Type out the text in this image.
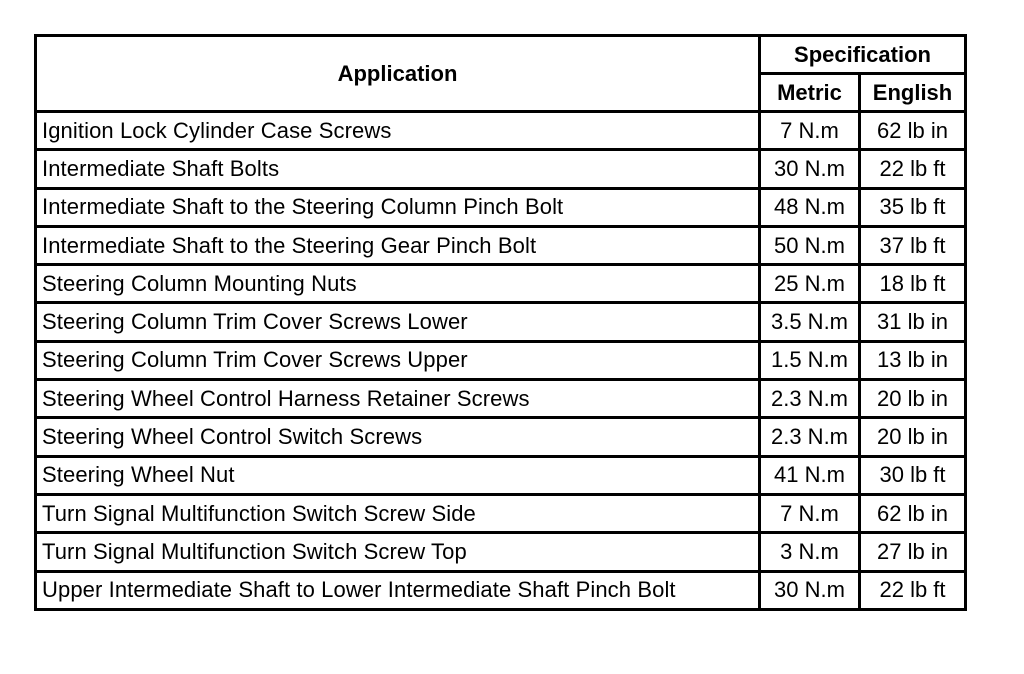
Application	Specification	
	Metric	English
Ignition Lock Cylinder Case Screws	7 N.m	62 lb in
Intermediate Shaft Bolts	30 N.m	22 lb ft
Intermediate Shaft to the Steering Column Pinch Bolt	48 N.m	35 lb ft
Intermediate Shaft to the Steering Gear Pinch Bolt	50 N.m	37 lb ft
Steering Column Mounting Nuts	25 N.m	18 lb ft
Steering Column Trim Cover Screws Lower	3.5 N.m	31 lb in
Steering Column Trim Cover Screws Upper	1.5 N.m	13 lb in
Steering Wheel Control Harness Retainer Screws	2.3 N.m	20 lb in
Steering Wheel Control Switch Screws	2.3 N.m	20 lb in
Steering Wheel Nut	41 N.m	30 lb ft
Turn Signal Multifunction Switch Screw Side	7 N.m	62 lb in
Turn Signal Multifunction Switch Screw Top	3 N.m	27 lb in
Upper Intermediate Shaft to Lower Intermediate Shaft Pinch Bolt	30 N.m	22 lb ft
